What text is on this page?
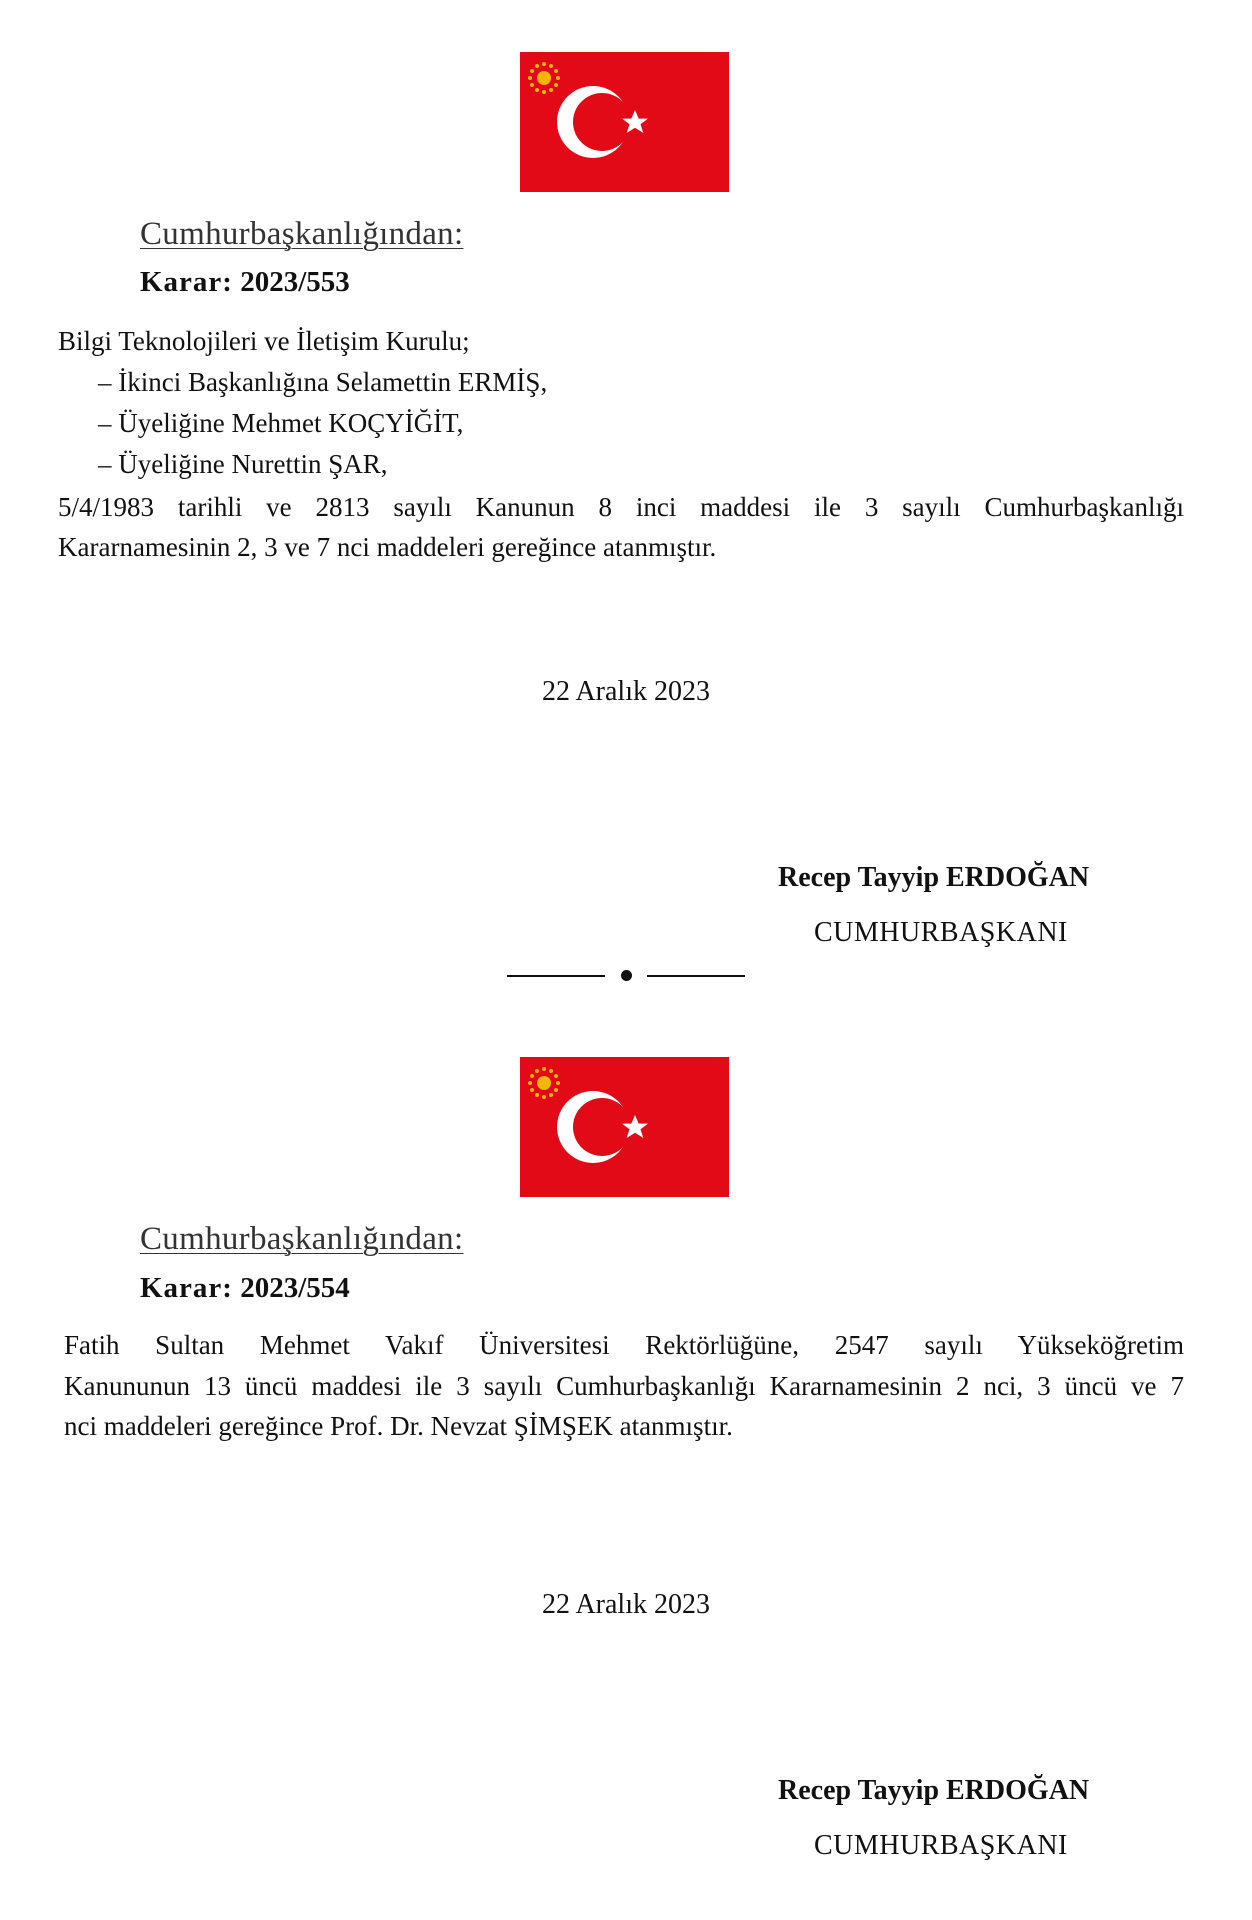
Cumhurbaşkanlığından:
Karar: 2023/553
Bilgi Teknolojileri ve İletişim Kurulu;
– İkinci Başkanlığına Selamettin ERMİŞ,
– Üyeliğine Mehmet KOÇYİĞİT,
– Üyeliğine Nurettin ŞAR,
5/4/1983 tarihli ve 2813 sayılı Kanunun 8 inci maddesi ile 3 sayılı Cumhurbaşkanlığı
Kararnamesinin 2, 3 ve 7 nci maddeleri gereğince atanmıştır.
22 Aralık 2023
Recep Tayyip ERDOĞAN
CUMHURBAŞKANI
Cumhurbaşkanlığından:
Karar: 2023/554
Fatih Sultan Mehmet Vakıf Üniversitesi Rektörlüğüne, 2547 sayılı Yükseköğretim
Kanununun 13 üncü maddesi ile 3 sayılı Cumhurbaşkanlığı Kararnamesinin 2 nci, 3 üncü ve 7
nci maddeleri gereğince Prof. Dr. Nevzat ŞİMŞEK atanmıştır.
22 Aralık 2023
Recep Tayyip ERDOĞAN
CUMHURBAŞKANI
